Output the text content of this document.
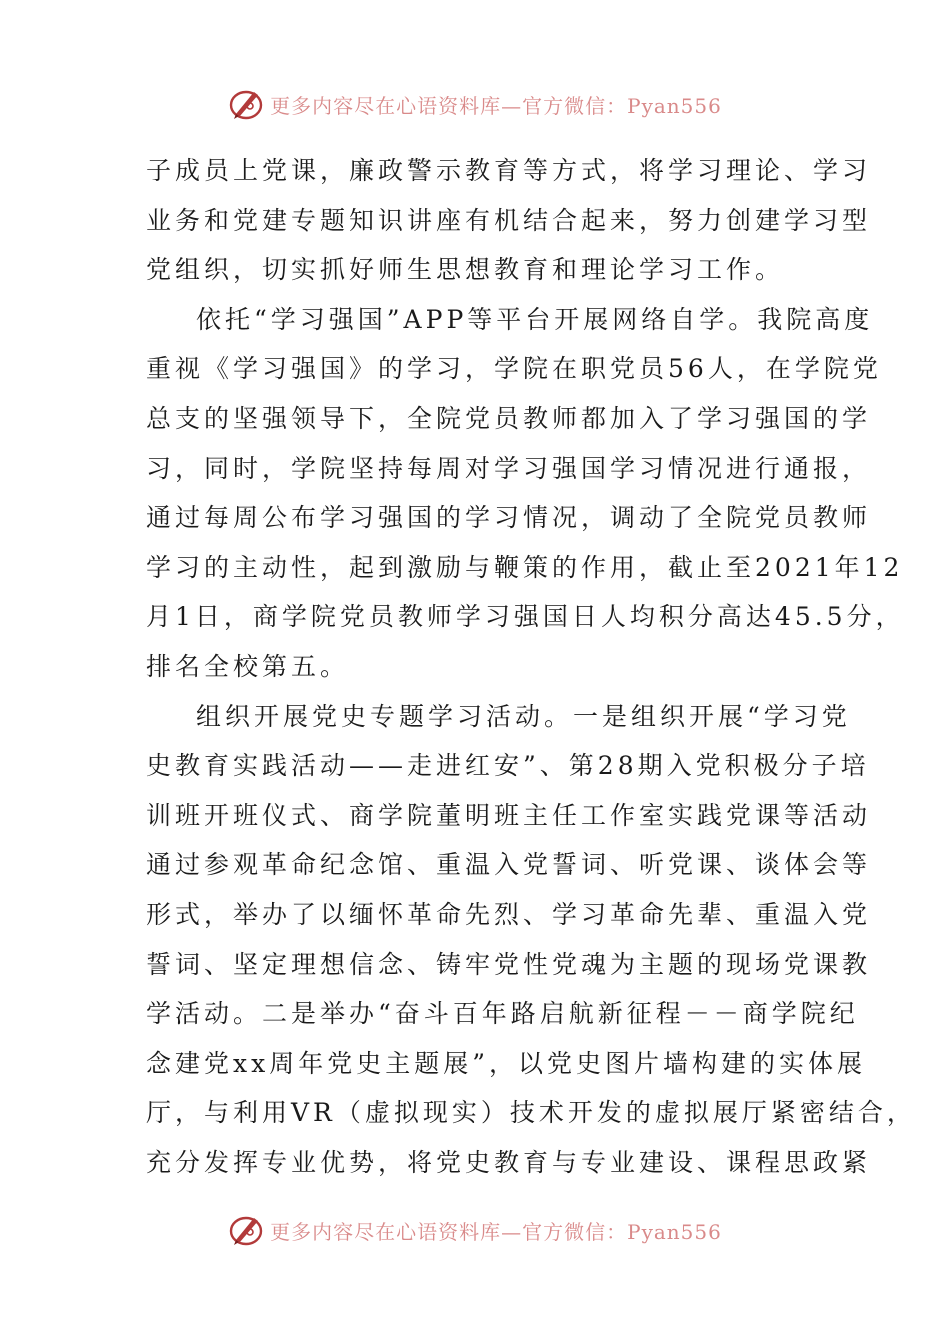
更多内容尽在心语资料库—官方微信：Pyan556
子成员上党课，廉政警示教育等方式，将学习理论、学习
业务和党建专题知识讲座有机结合起来，努力创建学习型
党组织，切实抓好师生思想教育和理论学习工作。
依托“学习强国”APP等平台开展网络自学。我院高度
重视《学习强国》的学习，学院在职党员56人，在学院党
总支的坚强领导下，全院党员教师都加入了学习强国的学
习，同时，学院坚持每周对学习强国学习情况进行通报，
通过每周公布学习强国的学习情况，调动了全院党员教师
学习的主动性，起到激励与鞭策的作用，截止至2021年12
月1日，商学院党员教师学习强国日人均积分高达45.5分，
排名全校第五。
组织开展党史专题学习活动。一是组织开展“学习党
史教育实践活动——走进红安”、第28期入党积极分子培
训班开班仪式、商学院董明班主任工作室实践党课等活动
通过参观革命纪念馆、重温入党誓词、听党课、谈体会等
形式，举办了以缅怀革命先烈、学习革命先辈、重温入党
誓词、坚定理想信念、铸牢党性党魂为主题的现场党课教
学活动。二是举办“奋斗百年路启航新征程－－商学院纪
念建党xx周年党史主题展”，以党史图片墙构建的实体展
厅，与利用VR（虚拟现实）技术开发的虚拟展厅紧密结合，
充分发挥专业优势，将党史教育与专业建设、课程思政紧
更多内容尽在心语资料库—官方微信：Pyan556
